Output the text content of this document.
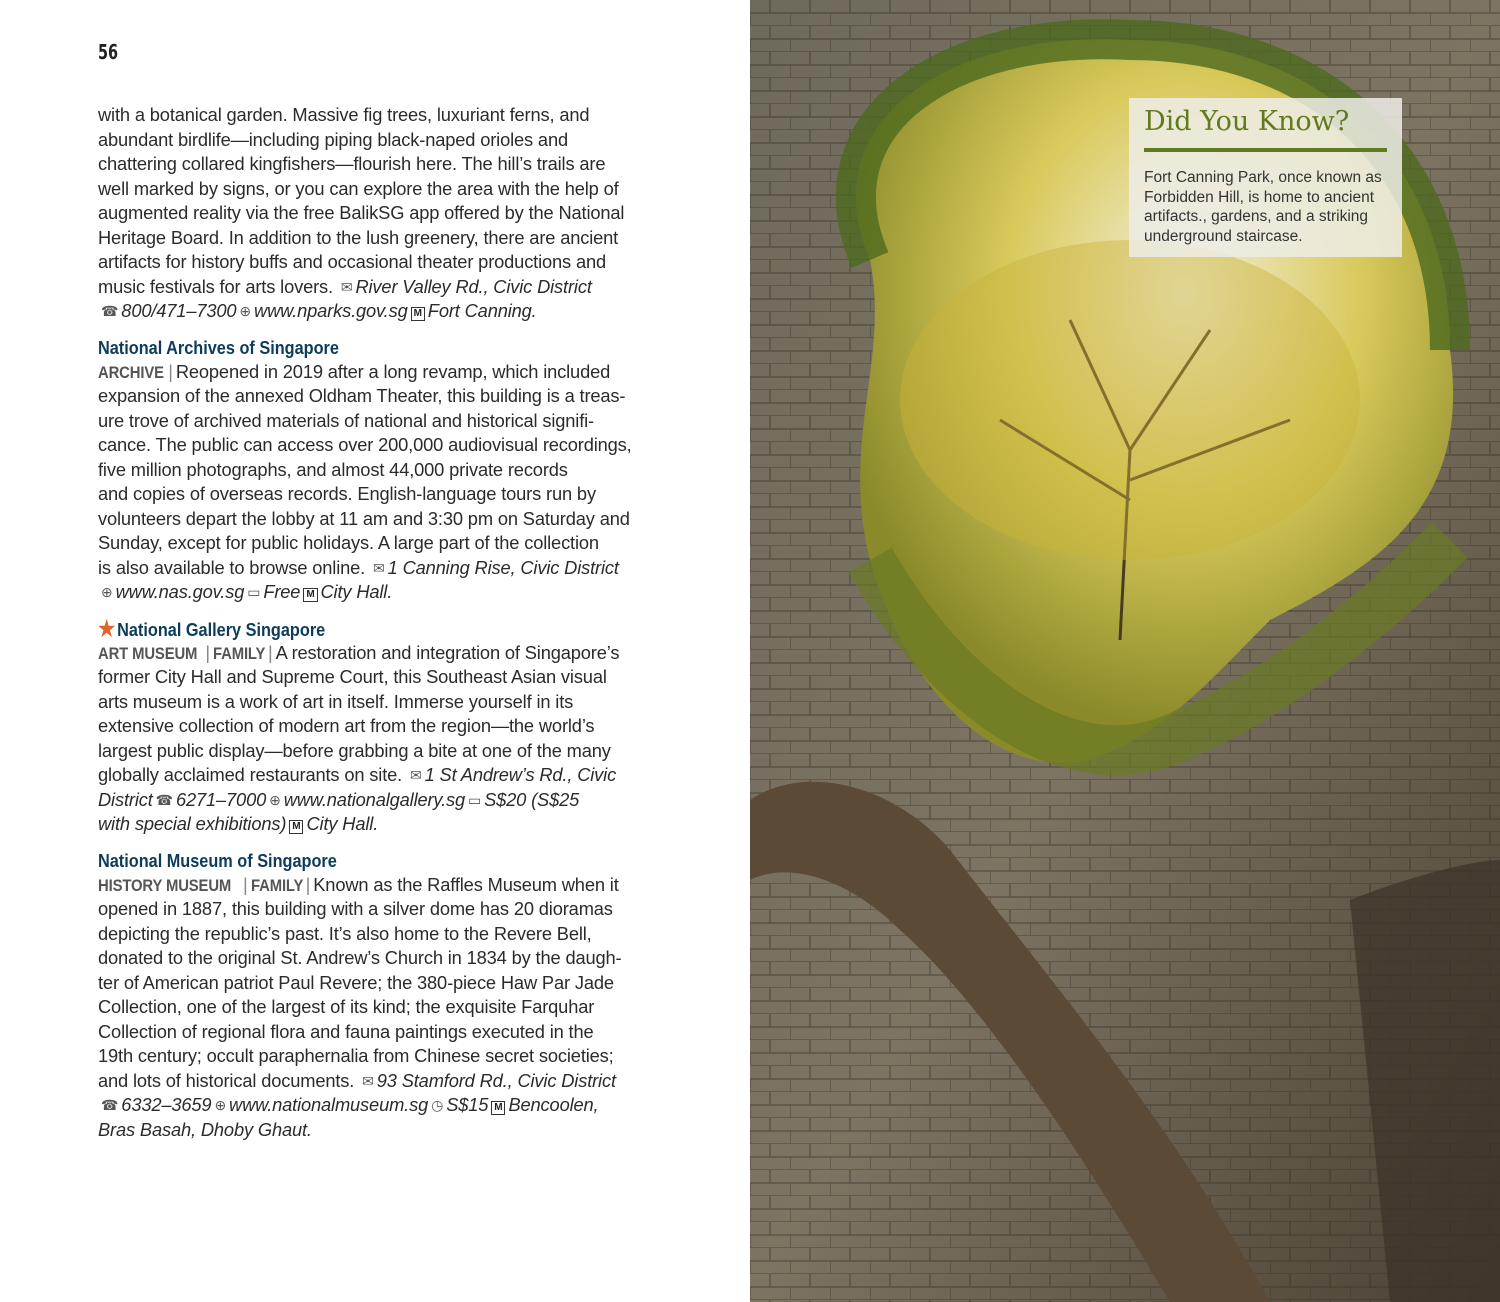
56
with a botanical garden. Massive fig trees, luxuriant ferns, and
abundant birdlife—including piping black-naped orioles and
chattering collared kingfishers—flourish here. The hill’s trails are
well marked by signs, or you can explore the area with the help of
augmented reality via the free BalikSG app offered by the National
Heritage Board. In addition to the lush greenery, there are ancient
artifacts for history buffs and occasional theater productions and
music festivals for arts lovers. ✉ River Valley Rd., Civic District
☎ 800/471–7300 ⊕ www.nparks.gov.sg M Fort Canning.
National Archives of Singapore
ARCHIVE | Reopened in 2019 after a long revamp, which included
expansion of the annexed Oldham Theater, this building is a treas-
ure trove of archived materials of national and historical signifi-
cance. The public can access over 200,000 audiovisual recordings,
five million photographs, and almost 44,000 private records
and copies of overseas records. English-language tours run by
volunteers depart the lobby at 11 am and 3:30 pm on Saturday and
Sunday, except for public holidays. A large part of the collection
is also available to browse online. ✉ 1 Canning Rise, Civic District
⊕ www.nas.gov.sg ▭ Free M City Hall.
★National Gallery Singapore
ART MUSEUM | FAMILY | A restoration and integration of Singapore’s
former City Hall and Supreme Court, this Southeast Asian visual
arts museum is a work of art in itself. Immerse yourself in its
extensive collection of modern art from the region—the world’s
largest public display—before grabbing a bite at one of the many
globally acclaimed restaurants on site. ✉ 1 St Andrew’s Rd., Civic
District ☎ 6271–7000 ⊕ www.nationalgallery.sg ▭ S$20 (S$25
with special exhibitions) M City Hall.
National Museum of Singapore
HISTORY MUSEUM | FAMILY | Known as the Raffles Museum when it
opened in 1887, this building with a silver dome has 20 dioramas
depicting the republic’s past. It’s also home to the Revere Bell,
donated to the original St. Andrew’s Church in 1834 by the daugh-
ter of American patriot Paul Revere; the 380-piece Haw Par Jade
Collection, one of the largest of its kind; the exquisite Farquhar
Collection of regional flora and fauna paintings executed in the
19th century; occult paraphernalia from Chinese secret societies;
and lots of historical documents. ✉ 93 Stamford Rd., Civic District
☎ 6332–3659 ⊕ www.nationalmuseum.sg ◷ S$15 M Bencoolen,
Bras Basah, Dhoby Ghaut.
Did You Know?
Fort Canning Park, once known as Forbidden Hill, is home to ancient artifacts., gardens, and a striking underground staircase.
